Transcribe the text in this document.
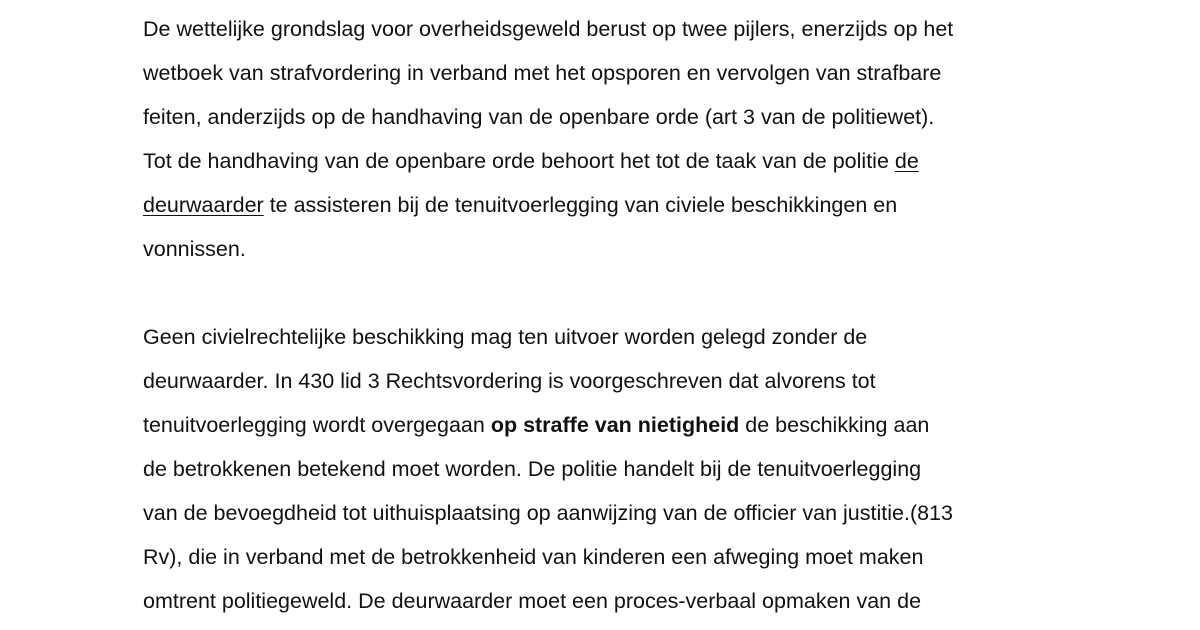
De wettelijke grondslag voor overheidsgeweld berust op twee pijlers, enerzijds op het
wetboek van strafvordering in verband met het opsporen en vervolgen van strafbare
feiten, anderzijds op de handhaving van de openbare orde (art 3 van de politiewet).
Tot de handhaving van de openbare orde behoort het tot de taak van de politie de
deurwaarder te assisteren bij de tenuitvoerlegging van civiele beschikkingen en
vonnissen.
Geen civielrechtelijke beschikking mag ten uitvoer worden gelegd zonder de
deurwaarder. In 430 lid 3 Rechtsvordering is voorgeschreven dat alvorens tot
tenuitvoerlegging wordt overgegaan op straffe van nietigheid de beschikking aan
de betrokkenen betekend moet worden. De politie handelt bij de tenuitvoerlegging
van de bevoegdheid tot uithuisplaatsing op aanwijzing van de officier van justitie.(813
Rv), die in verband met de betrokkenheid van kinderen een afweging moet maken
omtrent politiegeweld. De deurwaarder moet een proces-verbaal opmaken van de
